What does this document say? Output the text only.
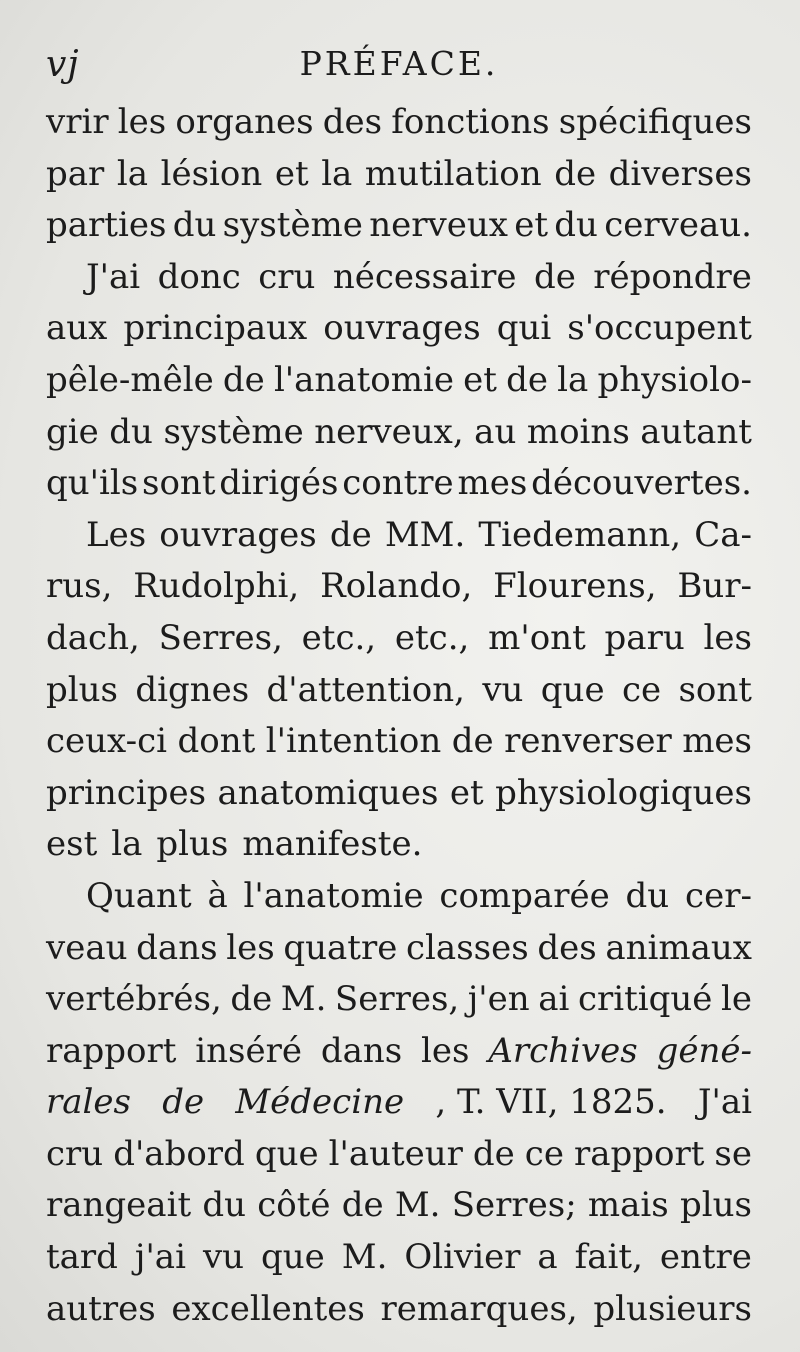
vj	PRÉFACE.
vrir les organes des fonctions spécifiques
par la lésion et la mutilation de diverses
parties du système nerveux et du cerveau.
J'ai donc cru nécessaire de répondre
aux principaux ouvrages qui s'occupent
pêle-mêle de l'anatomie et de la physiolo-
gie du système nerveux, au moins autant
qu'ils sont dirigés contre mes découvertes.
Les ouvrages de MM. Tiedemann, Ca-
rus, Rudolphi, Rolando, Flourens, Bur-
dach, Serres, etc., etc., m'ont paru les
plus dignes d'attention, vu que ce sont
ceux-ci dont l'intention de renverser mes
principes anatomiques et physiologiques
est la plus manifeste.
Quant à l'anatomie comparée du cer-
veau dans les quatre classes des animaux
vertébrés, de M. Serres, j'en ai critiqué le
rapport inséré dans les Archives géné-
rales de Médecine , T. VII, 1825. J'ai
cru d'abord que l'auteur de ce rapport se
rangeait du côté de M. Serres; mais plus
tard j'ai vu que M. Olivier a fait, entre
autres excellentes remarques, plusieurs
